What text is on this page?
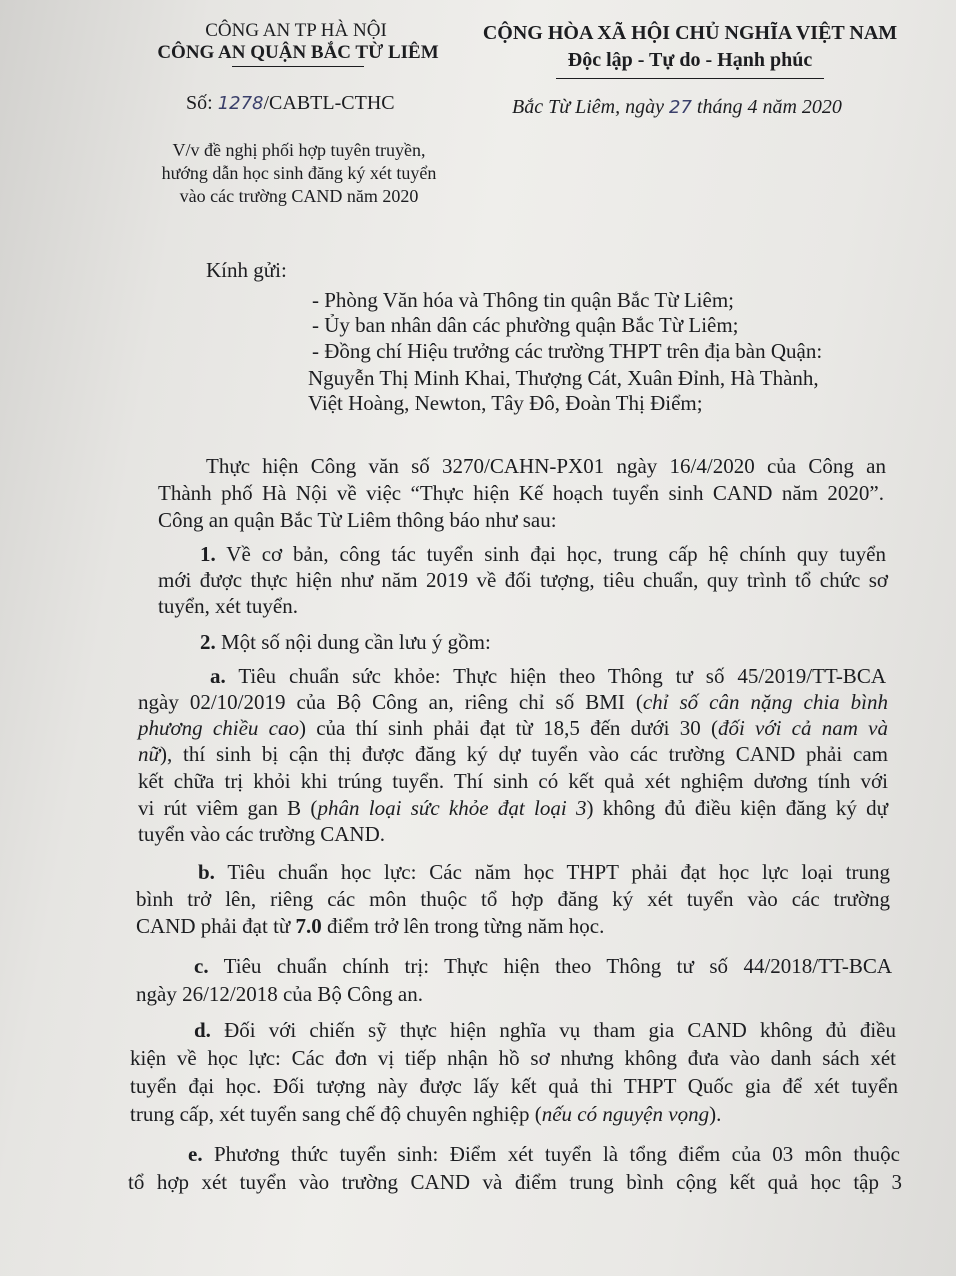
CÔNG AN TP HÀ NỘI
CÔNG AN QUẬN BẮC TỪ LIÊM
CỘNG HÒA XÃ HỘI CHỦ NGHĨA VIỆT NAM
Độc lập - Tự do - Hạnh phúc
Số: 1278/CABTL-CTHC	Bắc Từ Liêm, ngày 27 tháng 4 năm 2020
V/v đề nghị phối hợp tuyên truyền,
hướng dẫn học sinh đăng ký xét tuyển
vào các trường CAND năm 2020
Kính gửi:
- Phòng Văn hóa và Thông tin quận Bắc Từ Liêm;
- Ủy ban nhân dân các phường quận Bắc Từ Liêm;
- Đồng chí Hiệu trưởng các trường THPT trên địa bàn Quận:
Nguyễn Thị Minh Khai, Thượng Cát, Xuân Đỉnh, Hà Thành,
Việt Hoàng, Newton, Tây Đô, Đoàn Thị Điểm;
Thực hiện Công văn số 3270/CAHN-PX01 ngày 16/4/2020 của Công an
Thành phố Hà Nội về việc “Thực hiện Kế hoạch tuyển sinh CAND năm 2020”.
Công an quận Bắc Từ Liêm thông báo như sau:
1. Về cơ bản, công tác tuyển sinh đại học, trung cấp hệ chính quy tuyển
mới được thực hiện như năm 2019 về đối tượng, tiêu chuẩn, quy trình tổ chức sơ
tuyển, xét tuyển.
2. Một số nội dung cần lưu ý gồm:
a. Tiêu chuẩn sức khỏe: Thực hiện theo Thông tư số 45/2019/TT-BCA
ngày 02/10/2019 của Bộ Công an, riêng chỉ số BMI (chỉ số cân nặng chia bình
phương chiều cao) của thí sinh phải đạt từ 18,5 đến dưới 30 (đối với cả nam và
nữ), thí sinh bị cận thị được đăng ký dự tuyển vào các trường CAND phải cam
kết chữa trị khỏi khi trúng tuyển. Thí sinh có kết quả xét nghiệm dương tính với
vi rút viêm gan B (phân loại sức khỏe đạt loại 3) không đủ điều kiện đăng ký dự
tuyển vào các trường CAND.
b. Tiêu chuẩn học lực: Các năm học THPT phải đạt học lực loại trung
bình trở lên, riêng các môn thuộc tổ hợp đăng ký xét tuyển vào các trường
CAND phải đạt từ 7.0 điểm trở lên trong từng năm học.
c. Tiêu chuẩn chính trị: Thực hiện theo Thông tư số 44/2018/TT-BCA
ngày 26/12/2018 của Bộ Công an.
d. Đối với chiến sỹ thực hiện nghĩa vụ tham gia CAND không đủ điều
kiện về học lực: Các đơn vị tiếp nhận hồ sơ nhưng không đưa vào danh sách xét
tuyển đại học. Đối tượng này được lấy kết quả thi THPT Quốc gia để xét tuyển
trung cấp, xét tuyển sang chế độ chuyên nghiệp (nếu có nguyện vọng).
e. Phương thức tuyển sinh: Điểm xét tuyển là tổng điểm của 03 môn thuộc
tổ hợp xét tuyển vào trường CAND và điểm trung bình cộng kết quả học tập 3
